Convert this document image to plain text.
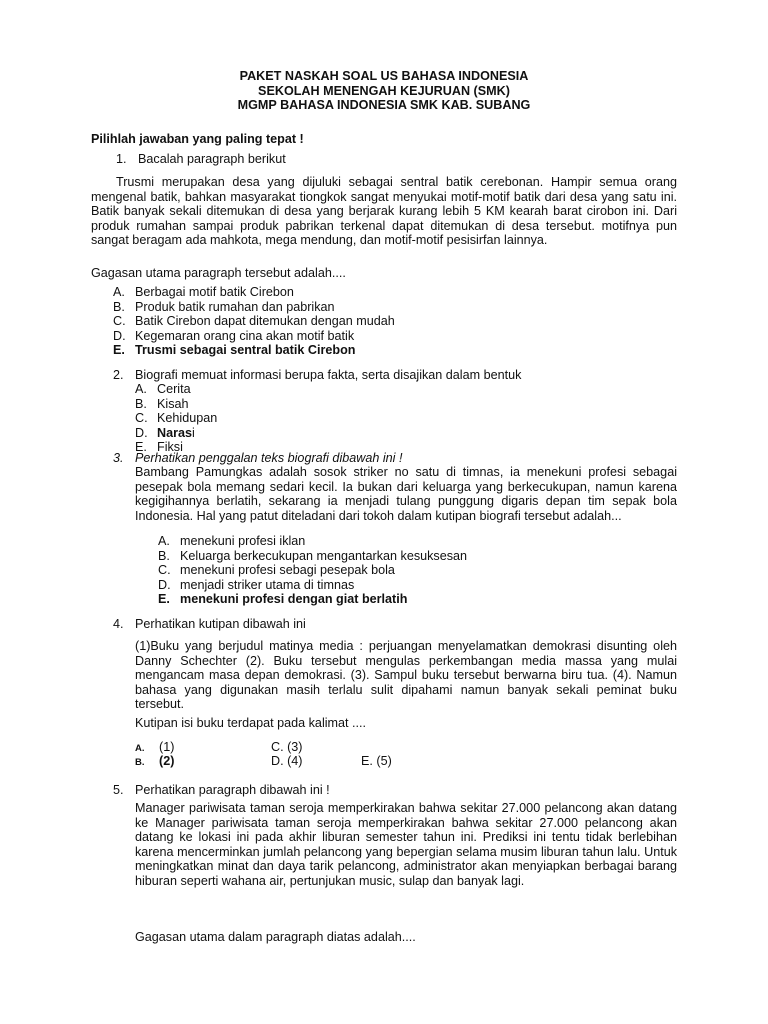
PAKET NASKAH SOAL US BAHASA INDONESIA
SEKOLAH MENENGAH KEJURUAN (SMK)
MGMP BAHASA INDONESIA SMK KAB. SUBANG
Pilihlah jawaban yang paling tepat !
1. Bacalah paragraph berikut
Trusmi merupakan desa yang dijuluki sebagai sentral batik cerebonan. Hampir semua orang mengenal batik, bahkan masyarakat tiongkok sangat menyukai motif-motif batik dari desa yang satu ini. Batik banyak sekali ditemukan di desa yang berjarak kurang lebih 5 KM kearah barat cirobon ini. Dari produk rumahan sampai produk pabrikan terkenal dapat ditemukan di desa tersebut. motifnya pun sangat beragam ada mahkota, mega mendung, dan motif-motif pesisirfan lainnya.
Gagasan utama paragraph tersebut adalah....
A. Berbagai motif batik Cirebon
B. Produk batik rumahan dan pabrikan
C. Batik Cirebon dapat ditemukan dengan mudah
D. Kegemaran orang cina akan motif batik
E. Trusmi sebagai sentral batik Cirebon
2. Biografi memuat informasi berupa fakta, serta disajikan dalam bentuk
A. Cerita
B. Kisah
C. Kehidupan
D. Narasi
E. Fiksi
3. Perhatikan penggalan teks biografi dibawah ini !
Bambang Pamungkas adalah sosok striker no satu di timnas, ia menekuni profesi sebagai pesepak bola memang sedari kecil. Ia bukan dari keluarga yang berkecukupan, namun karena kegigihannya berlatih, sekarang ia menjadi tulang punggung digaris depan tim sepak bola Indonesia. Hal yang patut diteladani dari tokoh dalam kutipan biografi tersebut adalah...
A. menekuni profesi iklan
B. Keluarga berkecukupan mengantarkan kesuksesan
C. menekuni profesi sebagi pesepak bola
D. menjadi striker utama di timnas
E. menekuni profesi dengan giat berlatih
4. Perhatikan kutipan dibawah ini
(1)Buku yang berjudul matinya media : perjuangan menyelamatkan demokrasi disunting oleh Danny Schechter (2). Buku tersebut mengulas perkembangan media massa yang mulai mengancam masa depan demokrasi. (3). Sampul buku tersebut berwarna biru tua. (4). Namun bahasa yang digunakan masih terlalu sulit dipahami namun banyak sekali peminat buku tersebut.
Kutipan isi buku terdapat pada kalimat ....
A. (1)	C. (3)
B. (2)	D. (4)	E. (5)
5. Perhatikan paragraph dibawah ini !
Manager pariwisata taman seroja memperkirakan bahwa sekitar 27.000 pelancong akan datang ke Manager pariwisata taman seroja memperkirakan bahwa sekitar 27.000 pelancong akan datang ke lokasi ini pada akhir liburan semester tahun ini. Prediksi ini tentu tidak berlebihan karena mencerminkan jumlah pelancong yang bepergian selama musim liburan tahun lalu. Untuk meningkatkan minat dan daya tarik pelancong, administrator akan menyiapkan berbagai barang hiburan seperti wahana air, pertunjukan music, sulap dan banyak lagi.
Gagasan utama dalam paragraph diatas adalah....
